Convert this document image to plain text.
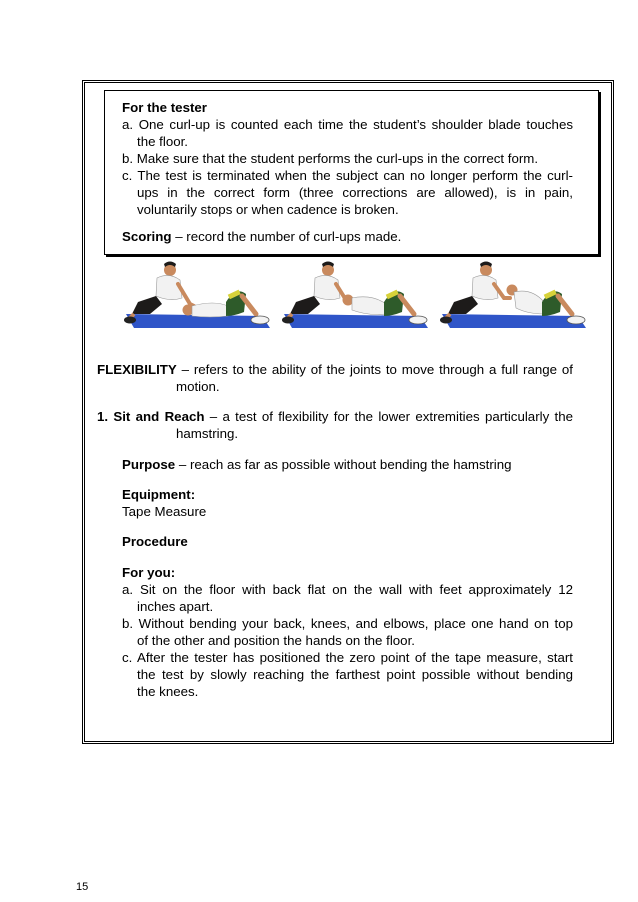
For the tester
a. One curl-up is counted each time the student’s shoulder blade touches
the floor.
b. Make sure that the student performs the curl-ups in the correct form.
c. The test is terminated when the subject can no longer perform the curl-
ups in the correct form (three corrections are allowed), is in pain,
voluntarily stops or when cadence is broken.
Scoring – record the number of curl-ups made.
FLEXIBILITY – refers to the ability of the joints to move through a full range of
motion.
1. Sit and Reach – a test of flexibility for the lower extremities particularly the
hamstring.
Purpose – reach as far as possible without bending the hamstring
Equipment:
Tape Measure
Procedure
For you:
a. Sit on the floor with back flat on the wall with feet approximately 12
inches apart.
b. Without bending your back, knees, and elbows, place one hand on top
of the other and position the hands on the floor.
c. After the tester has positioned the zero point of the tape measure, start
the test by slowly reaching the farthest point possible without bending
the knees.
15
